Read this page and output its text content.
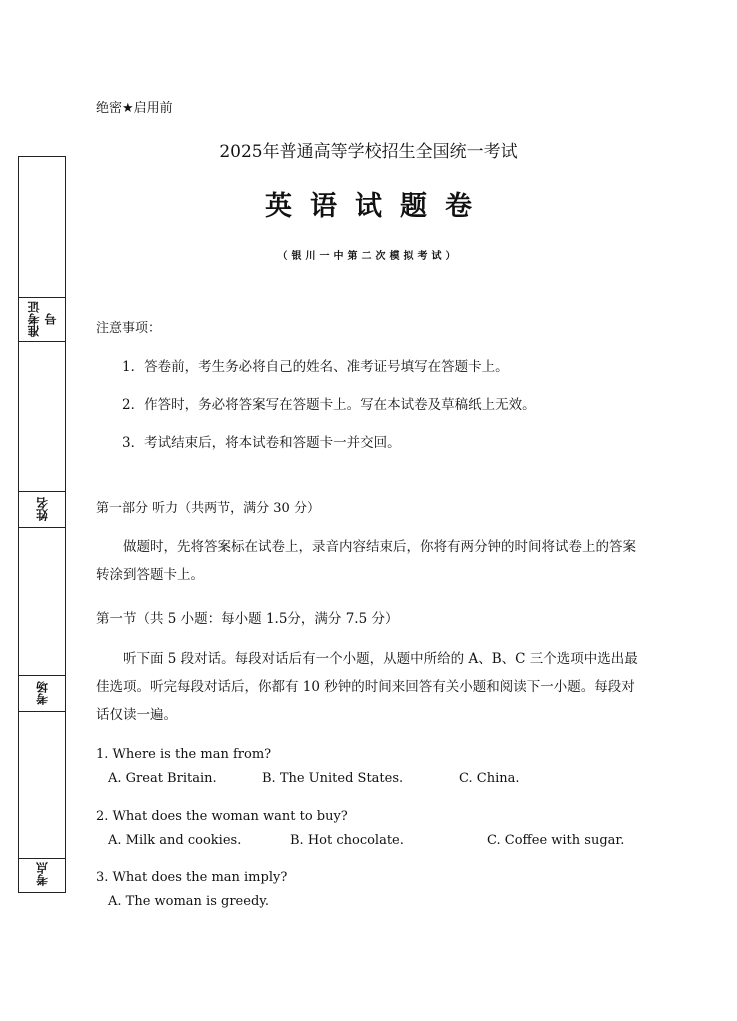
绝密★启用前
2025年普通高等学校招生全国统一考试
英语试题卷
（银川一中第二次模拟考试）
准考证号
姓名
考场
考点
注意事项：
1．答卷前，考生务必将自己的姓名、准考证号填写在答题卡上。
2．作答时，务必将答案写在答题卡上。写在本试卷及草稿纸上无效。
3．考试结束后，将本试卷和答题卡一并交回。
第一部分 听力（共两节，满分 30 分）
做题时，先将答案标在试卷上，录音内容结束后，你将有两分钟的时间将试卷上的答案转涂到答题卡上。
第一节（共 5 小题：每小题 1.5分，满分 7.5 分）
听下面 5 段对话。每段对话后有一个小题，从题中所给的 A、B、C 三个选项中选出最佳选项。听完每段对话后，你都有 10 秒钟的时间来回答有关小题和阅读下一小题。每段对话仅读一遍。
1. Where is the man from?
A. Great Britain.	B. The United States.	C. China.
2. What does the woman want to buy?
A. Milk and cookies.	B. Hot chocolate.	C. Coffee with sugar.
3. What does the man imply?
A. The woman is greedy.
